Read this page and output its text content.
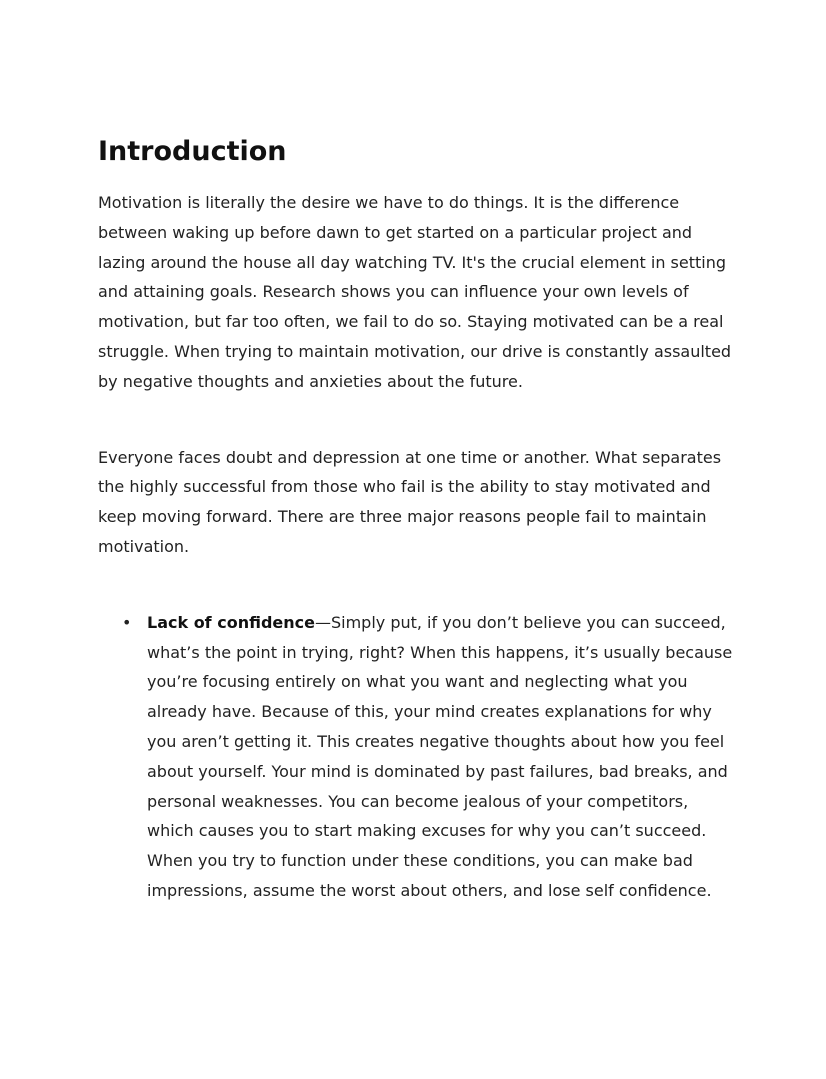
Introduction

Motivation is literally the desire we have to do things. It is the difference between waking up before dawn to get started on a particular project and lazing around the house all day watching TV. It's the crucial element in setting and attaining goals. Research shows you can influence your own levels of motivation, but far too often, we fail to do so. Staying motivated can be a real struggle. When trying to maintain motivation, our drive is constantly assaulted by negative thoughts and anxieties about the future.

Everyone faces doubt and depression at one time or another. What separates the highly successful from those who fail is the ability to stay motivated and keep moving forward. There are three major reasons people fail to maintain motivation.

• Lack of confidence—Simply put, if you don’t believe you can succeed, what’s the point in trying, right? When this happens, it’s usually because you’re focusing entirely on what you want and neglecting what you already have. Because of this, your mind creates explanations for why you aren’t getting it. This creates negative thoughts about how you feel about yourself. Your mind is dominated by past failures, bad breaks, and personal weaknesses. You can become jealous of your competitors, which causes you to start making excuses for why you can’t succeed. When you try to function under these conditions, you can make bad impressions, assume the worst about others, and lose self confidence.
